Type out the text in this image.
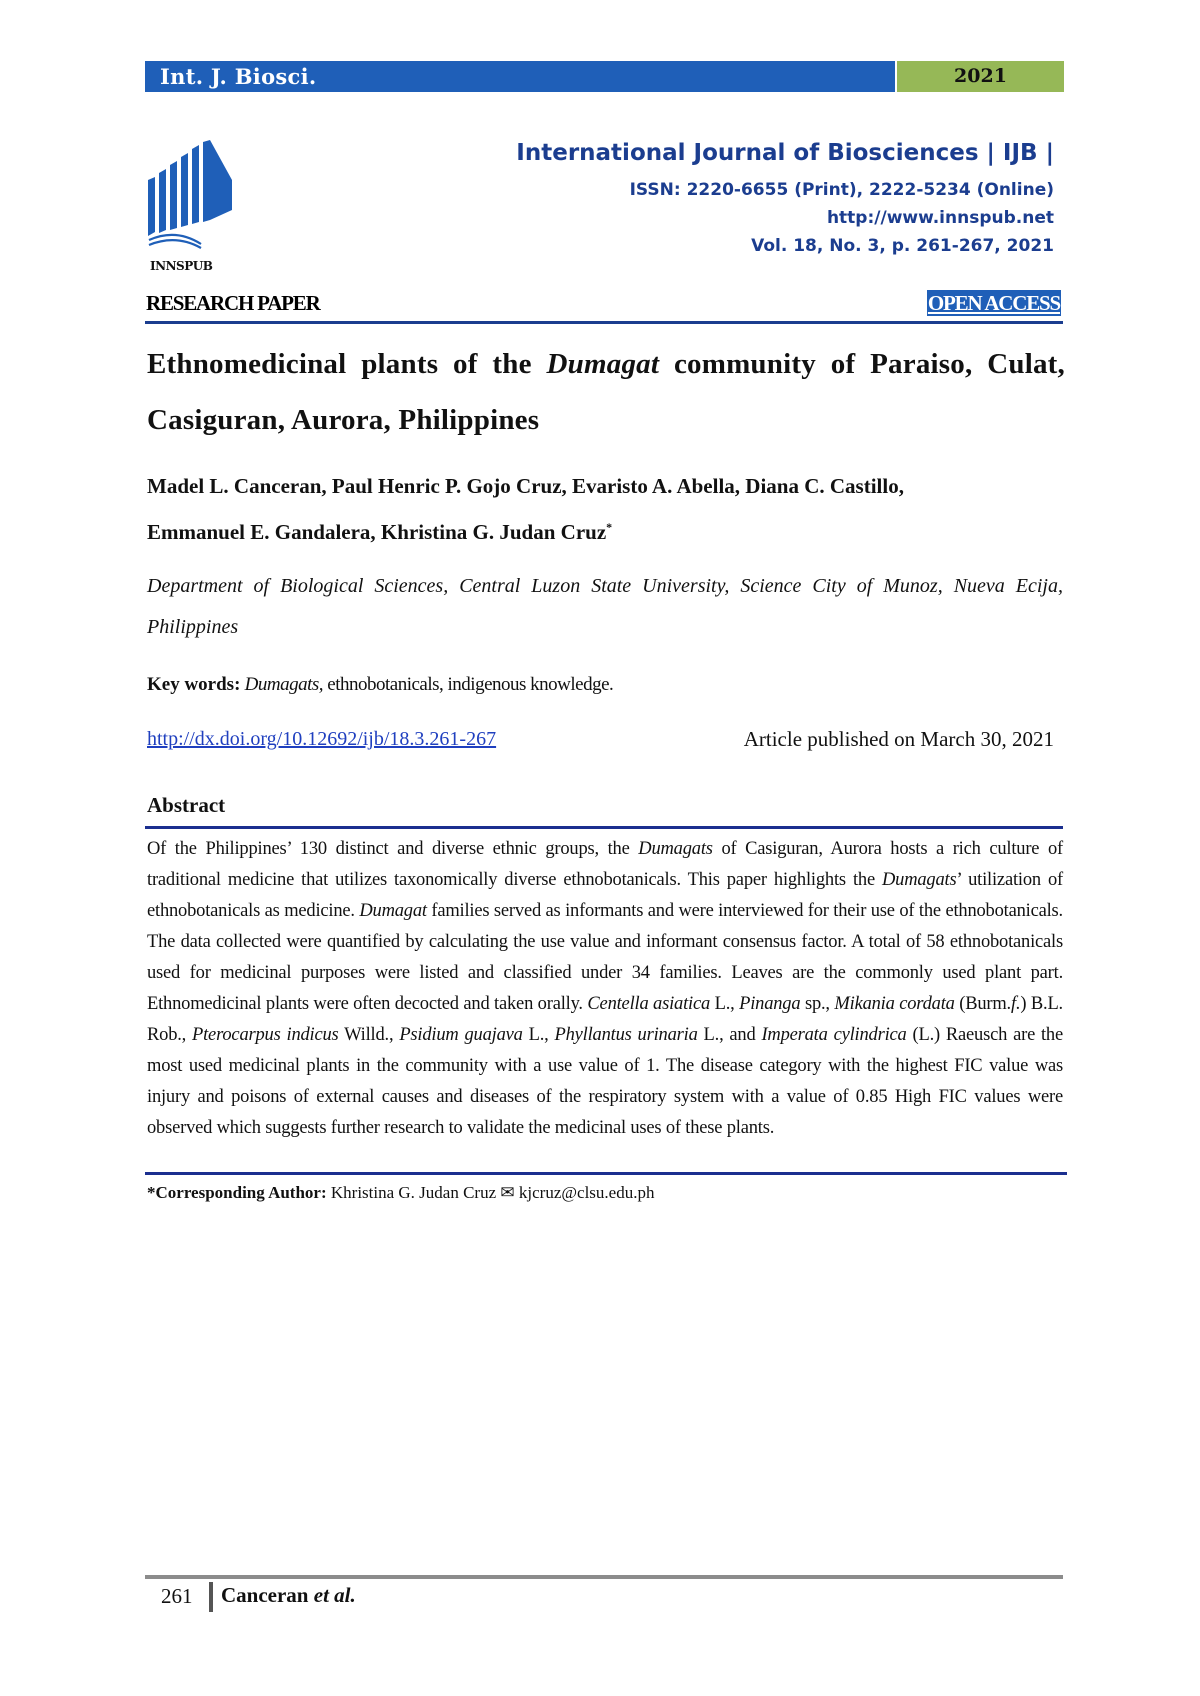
Int. J. Biosci.	2021
INNSPUB
International Journal of Biosciences | IJB |
ISSN: 2220-6655 (Print), 2222-5234 (Online)
http://www.innspub.net
Vol. 18, No. 3, p. 261-267, 2021
RESEARCH PAPER	OPEN ACCESS
Ethnomedicinal plants of the Dumagat community of Paraiso, Culat, Casiguran, Aurora, Philippines
Madel L. Canceran, Paul Henric P. Gojo Cruz, Evaristo A. Abella, Diana C. Castillo,
Emmanuel E. Gandalera, Khristina G. Judan Cruz*
Department of Biological Sciences, Central Luzon State University, Science City of Munoz, Nueva Ecija, Philippines
Key words: Dumagats, ethnobotanicals, indigenous knowledge.
http://dx.doi.org/10.12692/ijb/18.3.261-267	Article published on March 30, 2021
Abstract
Of the Philippines’ 130 distinct and diverse ethnic groups, the Dumagats of Casiguran, Aurora hosts a rich culture of traditional medicine that utilizes taxonomically diverse ethnobotanicals. This paper highlights the Dumagats’ utilization of ethnobotanicals as medicine. Dumagat families served as informants and were interviewed for their use of the ethnobotanicals. The data collected were quantified by calculating the use value and informant consensus factor. A total of 58 ethnobotanicals used for medicinal purposes were listed and classified under 34 families. Leaves are the commonly used plant part. Ethnomedicinal plants were often decocted and taken orally. Centella asiatica L., Pinanga sp., Mikania cordata (Burm.f.) B.L. Rob., Pterocarpus indicus Willd., Psidium guajava L., Phyllantus urinaria L., and Imperata cylindrica (L.) Raeusch are the most used medicinal plants in the community with a use value of 1. The disease category with the highest FIC value was injury and poisons of external causes and diseases of the respiratory system with a value of 0.85 High FIC values were observed which suggests further research to validate the medicinal uses of these plants.
*Corresponding Author: Khristina G. Judan Cruz ✉ kjcruz@clsu.edu.ph
261 Canceran et al.
